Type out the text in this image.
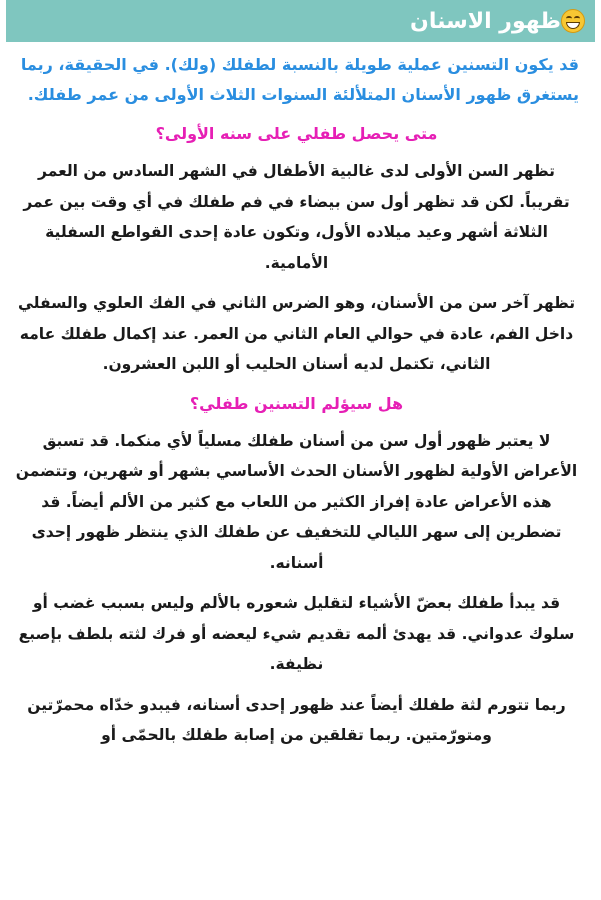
ظهور الاسنان

قد يكون التسنين عملية طويلة بالنسبة لطفلك (ولك). في الحقيقة، ربما يستغرق ظهور الأسنان المتلألئة السنوات الثلاث الأولى من عمر طفلك.

متى يحصل طفلي على سنه الأولى؟

تظهر السن الأولى لدى غالبية الأطفال في الشهر السادس من العمر تقريباً. لكن قد تظهر أول سن بيضاء في فم طفلك في أي وقت بين عمر الثلاثة أشهر وعيد ميلاده الأول، وتكون عادة إحدى القواطع السفلية الأمامية.

تظهر آخر سن من الأسنان، وهو الضرس الثاني في الفك العلوي والسفلي داخل الفم، عادة في حوالي العام الثاني من العمر. عند إكمال طفلك عامه الثاني، تكتمل لديه أسنان الحليب أو اللبن العشرون.

هل سيؤلم التسنين طفلي؟

لا يعتبر ظهور أول سن من أسنان طفلك مسلياً لأي منكما. قد تسبق الأعراض الأولية لظهور الأسنان الحدث الأساسي بشهر أو شهرين، وتتضمن هذه الأعراض عادة إفراز الكثير من اللعاب مع كثير من الألم أيضاً. قد تضطرين إلى سهر الليالي للتخفيف عن طفلك الذي ينتظر ظهور إحدى أسنانه.

قد يبدأ طفلك بعضّ الأشياء لتقليل شعوره بالألم وليس بسبب غضب أو سلوك عدواني. قد يهدئ ألمه تقديم شيء ليعضه أو فرك لثته بلطف بإصبع نظيفة.

ربما تتورم لثة طفلك أيضاً عند ظهور إحدى أسنانه، فيبدو خدّاه محمرّتين ومتورّمتين. ربما تقلقين من إصابة طفلك بالحمّى أو
